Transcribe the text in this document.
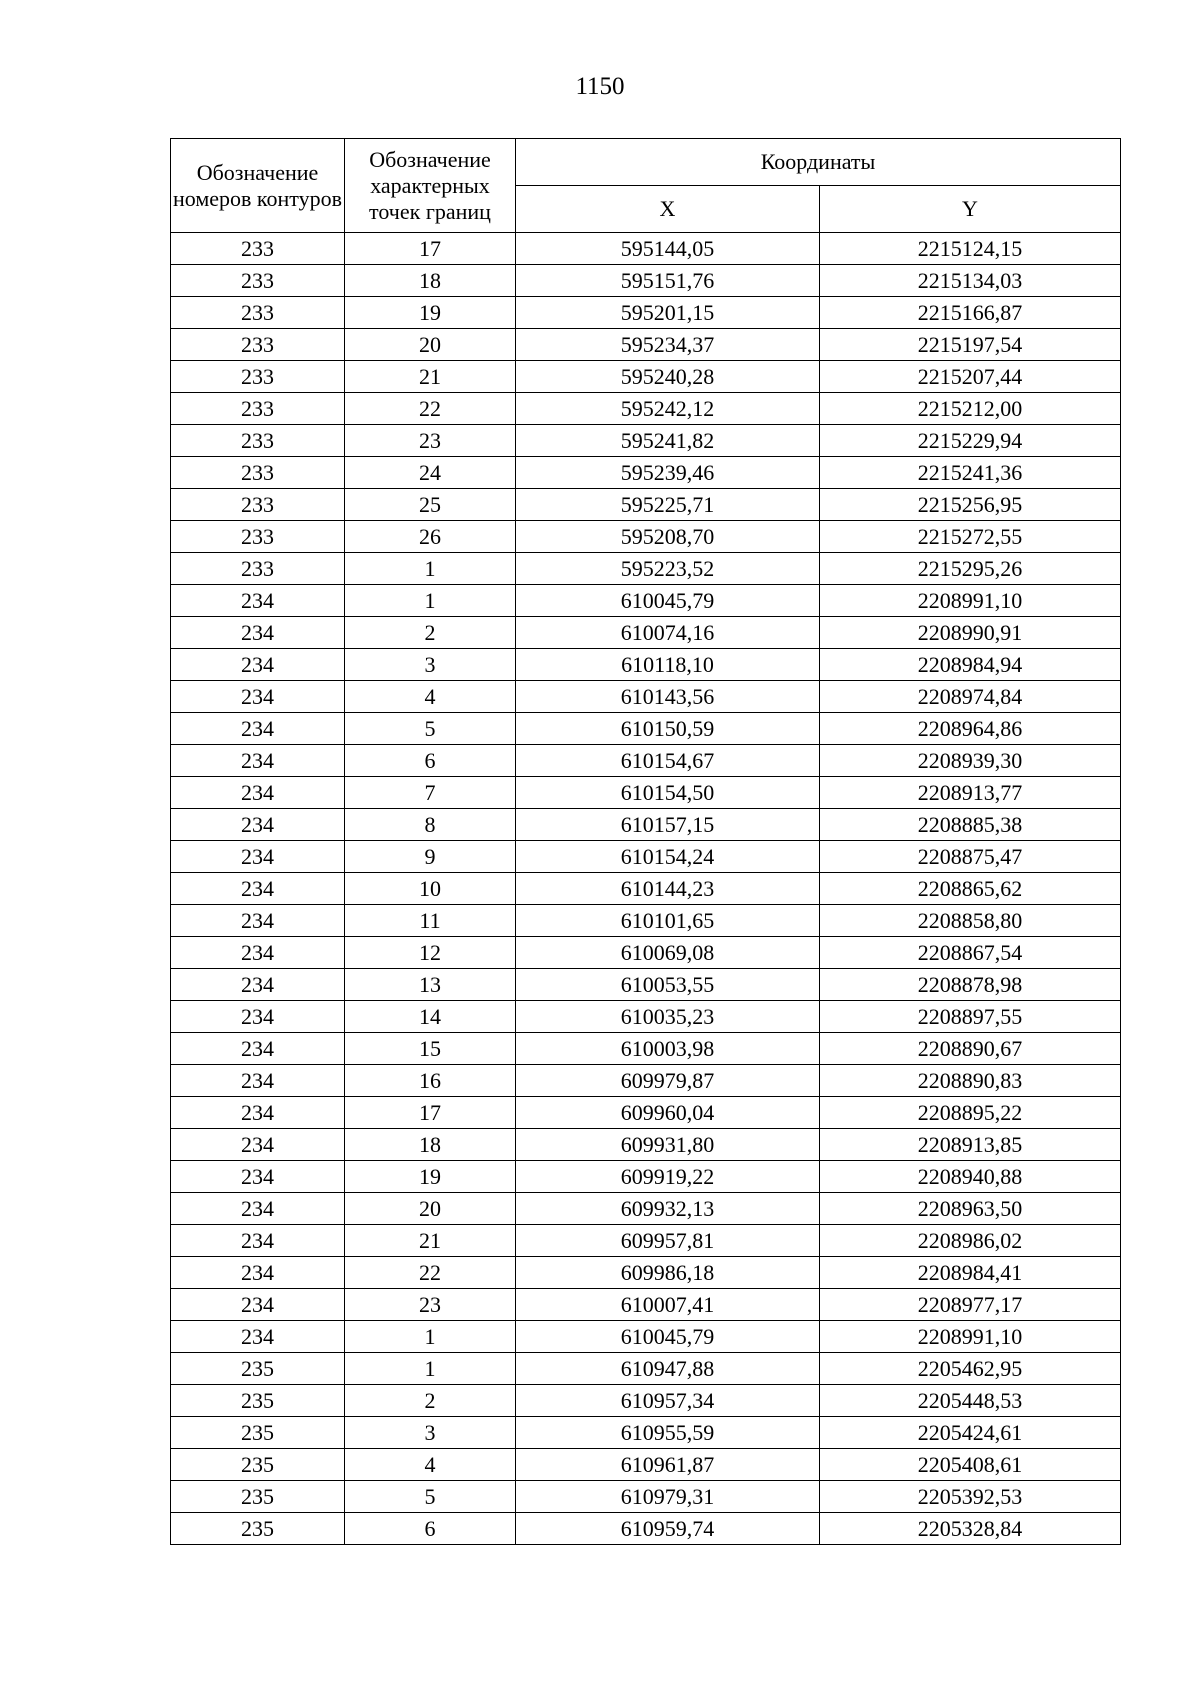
1150
Обозначение номеров контуров	Обозначение характерных точек границ	Координаты	
		X	Y
233	17	595144,05	2215124,15
233	18	595151,76	2215134,03
233	19	595201,15	2215166,87
233	20	595234,37	2215197,54
233	21	595240,28	2215207,44
233	22	595242,12	2215212,00
233	23	595241,82	2215229,94
233	24	595239,46	2215241,36
233	25	595225,71	2215256,95
233	26	595208,70	2215272,55
233	1	595223,52	2215295,26
234	1	610045,79	2208991,10
234	2	610074,16	2208990,91
234	3	610118,10	2208984,94
234	4	610143,56	2208974,84
234	5	610150,59	2208964,86
234	6	610154,67	2208939,30
234	7	610154,50	2208913,77
234	8	610157,15	2208885,38
234	9	610154,24	2208875,47
234	10	610144,23	2208865,62
234	11	610101,65	2208858,80
234	12	610069,08	2208867,54
234	13	610053,55	2208878,98
234	14	610035,23	2208897,55
234	15	610003,98	2208890,67
234	16	609979,87	2208890,83
234	17	609960,04	2208895,22
234	18	609931,80	2208913,85
234	19	609919,22	2208940,88
234	20	609932,13	2208963,50
234	21	609957,81	2208986,02
234	22	609986,18	2208984,41
234	23	610007,41	2208977,17
234	1	610045,79	2208991,10
235	1	610947,88	2205462,95
235	2	610957,34	2205448,53
235	3	610955,59	2205424,61
235	4	610961,87	2205408,61
235	5	610979,31	2205392,53
235	6	610959,74	2205328,84
